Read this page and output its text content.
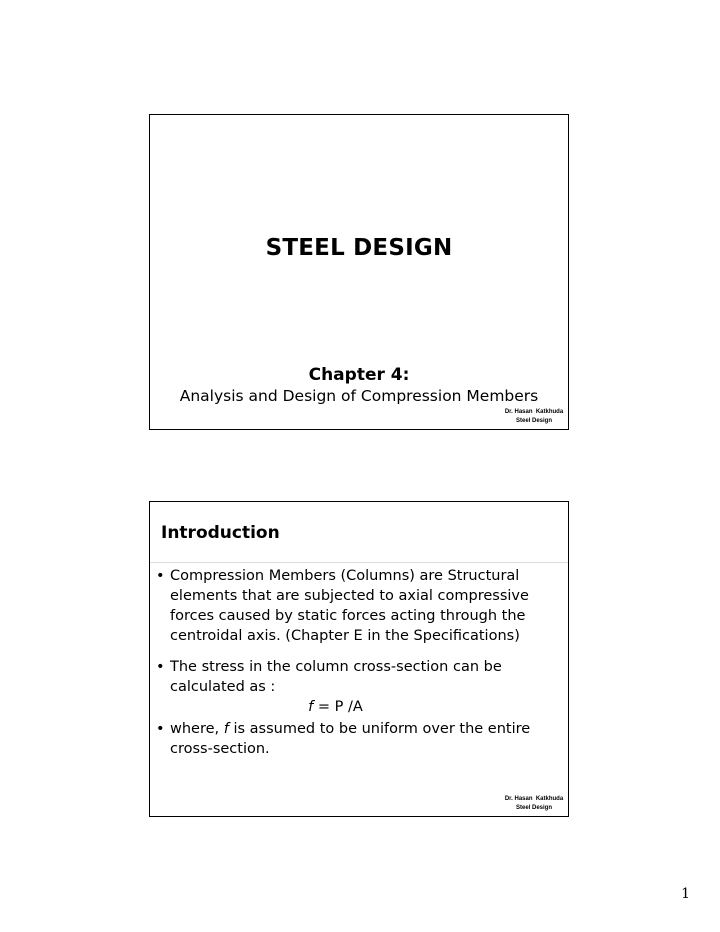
STEEL DESIGN
Chapter 4:
Analysis and Design of Compression Members
Dr. Hasan  Katkhuda
Steel Design
Introduction
• Compression Members (Columns) are Structural elements that are subjected to axial compressive forces caused by static forces acting through the centroidal axis. (Chapter E in the Specifications)
• The stress in the column cross-section can be calculated as :
f = P /A
• where, f is assumed to be uniform over the entire cross-section.
Dr. Hasan  Katkhuda
Steel Design
1
